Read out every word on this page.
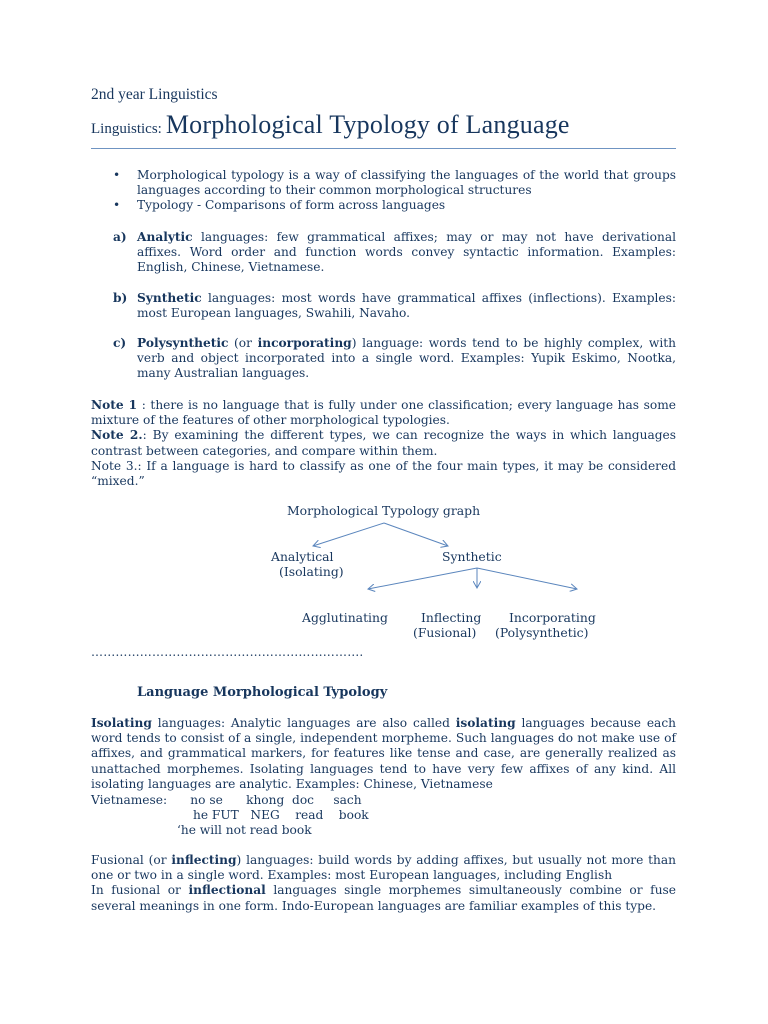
2nd year Linguistics
Linguistics: Morphological Typology of Language
• Morphological typology is a way of classifying the languages of the world that groups languages according to their common morphological structures
• Typology - Comparisons of form across languages
a) Analytic languages: few grammatical affixes; may or may not have derivational affixes. Word order and function words convey syntactic information. Examples: English, Chinese, Vietnamese.
b) Synthetic languages: most words have grammatical affixes (inflections). Examples: most European languages, Swahili, Navaho.
c) Polysynthetic (or incorporating) language: words tend to be highly complex, with verb and object incorporated into a single word. Examples: Yupik Eskimo, Nootka, many Australian languages.
Note 1 : there is no language that is fully under one classification; every language has some mixture of the features of other morphological typologies.
Note 2.: By examining the different types, we can recognize the ways in which languages contrast between categories, and compare within them.
Note 3.: If a language is hard to classify as one of the four main types, it may be considered “mixed.”
Morphological Typology graph
Analytical
(Isolating)
Synthetic
Agglutinating	Inflecting
(Fusional)
Incorporating
(Polysynthetic)
………………………………………………………….
Language Morphological Typology
Isolating languages: Analytic languages are also called isolating languages because each word tends to consist of a single, independent morpheme. Such languages do not make use of affixes, and grammatical markers, for features like tense and case, are generally realized as unattached morphemes. Isolating languages tend to have very few affixes of any kind. All isolating languages are analytic. Examples: Chinese, Vietnamese
Vietnamese:      no se      khong  doc     sach
he FUT   NEG    read    book
‘he will not read book
Fusional (or inflecting) languages: build words by adding affixes, but usually not more than one or two in a single word. Examples: most European languages, including English
In fusional or inflectional languages single morphemes simultaneously combine or fuse several meanings in one form. Indo-European languages are familiar examples of this type.
